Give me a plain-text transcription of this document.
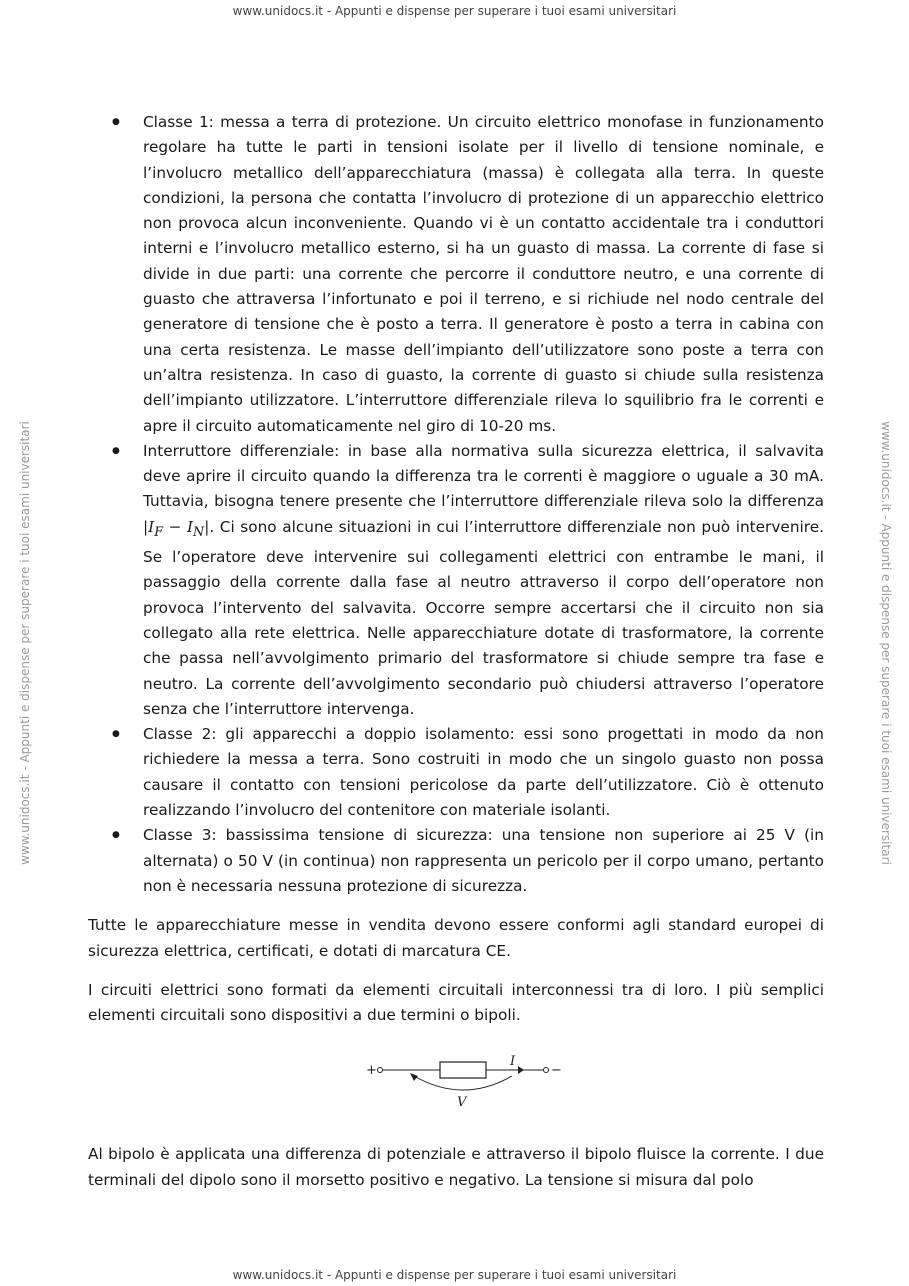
www.unidocs.it - Appunti e dispense per superare i tuoi esami universitari
www.unidocs.it - Appunti e dispense per superare i tuoi esami universitari	www.unidocs.it - Appunti e dispense per superare i tuoi esami universitari
● Classe 1: messa a terra di protezione. Un circuito elettrico monofase in funzionamento regolare ha tutte le parti in tensioni isolate per il livello di tensione nominale, e l’involucro metallico dell’apparecchiatura (massa) è collegata alla terra. In queste condizioni, la persona che contatta l’involucro di protezione di un apparecchio elettrico non provoca alcun inconveniente. Quando vi è un contatto accidentale tra i conduttori interni e l’involucro metallico esterno, si ha un guasto di massa. La corrente di fase si divide in due parti: una corrente che percorre il conduttore neutro, e una corrente di guasto che attraversa l’infortunato e poi il terreno, e si richiude nel nodo centrale del generatore di tensione che è posto a terra. Il generatore è posto a terra in cabina con una certa resistenza. Le masse dell’impianto dell’utilizzatore sono poste a terra con un’altra resistenza. In caso di guasto, la corrente di guasto si chiude sulla resistenza dell’impianto utilizzatore. L’interruttore differenziale rileva lo squilibrio fra le correnti e apre il circuito automaticamente nel giro di 10-20 ms.
● Interruttore differenziale: in base alla normativa sulla sicurezza elettrica, il salvavita deve aprire il circuito quando la differenza tra le correnti è maggiore o uguale a 30 mA. Tuttavia, bisogna tenere presente che l’interruttore differenziale rileva solo la differenza $|I_F - I_N|$. Ci sono alcune situazioni in cui l’interruttore differenziale non può intervenire. Se l’operatore deve intervenire sui collegamenti elettrici con entrambe le mani, il passaggio della corrente dalla fase al neutro attraverso il corpo dell’operatore non provoca l’intervento del salvavita. Occorre sempre accertarsi che il circuito non sia collegato alla rete elettrica. Nelle apparecchiature dotate di trasformatore, la corrente che passa nell’avvolgimento primario del trasformatore si chiude sempre tra fase e neutro. La corrente dell’avvolgimento secondario può chiudersi attraverso l’operatore senza che l’interruttore intervenga.
● Classe 2: gli apparecchi a doppio isolamento: essi sono progettati in modo da non richiedere la messa a terra. Sono costruiti in modo che un singolo guasto non possa causare il contatto con tensioni pericolose da parte dell’utilizzatore. Ciò è ottenuto realizzando l’involucro del contenitore con materiale isolanti.
● Classe 3: bassissima tensione di sicurezza: una tensione non superiore ai 25 V (in alternata) o 50 V (in continua) non rappresenta un pericolo per il corpo umano, pertanto non è necessaria nessuna protezione di sicurezza.

Tutte le apparecchiature messe in vendita devono essere conformi agli standard europei di sicurezza elettrica, certificati, e dotati di marcatura CE.

I circuiti elettrici sono formati da elementi circuitali interconnessi tra di loro. I più semplici elementi circuitali sono dispositivi a due termini o bipoli.

+	−
I
V

Al bipolo è applicata una differenza di potenziale e attraverso il bipolo fluisce la corrente. I due terminali del dipolo sono il morsetto positivo e negativo. La tensione si misura dal polo

www.unidocs.it - Appunti e dispense per superare i tuoi esami universitari
